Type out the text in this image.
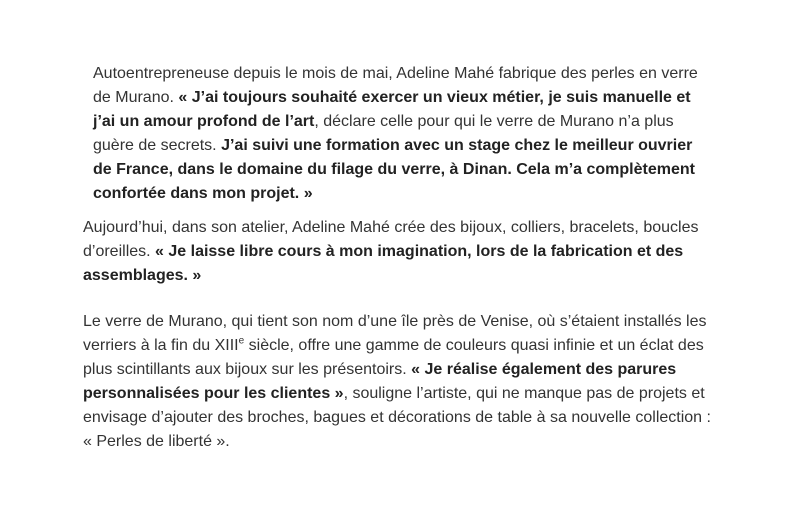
Autoentrepreneuse depuis le mois de mai, Adeline Mahé fabrique des perles en verre de Murano. « J’ai toujours souhaité exercer un vieux métier, je suis manuelle et j’ai un amour profond de l’art, déclare celle pour qui le verre de Murano n’a plus guère de secrets. J’ai suivi une formation avec un stage chez le meilleur ouvrier de France, dans le domaine du filage du verre, à Dinan. Cela m’a complètement confortée dans mon projet. »

Aujourd’hui, dans son atelier, Adeline Mahé crée des bijoux, colliers, bracelets, boucles d’oreilles. « Je laisse libre cours à mon imagination, lors de la fabrication et des assemblages. »

Le verre de Murano, qui tient son nom d’une île près de Venise, où s’étaient installés les verriers à la fin du XIIIe siècle, offre une gamme de couleurs quasi infinie et un éclat des plus scintillants aux bijoux sur les présentoirs. « Je réalise également des parures personnalisées pour les clientes », souligne l’artiste, qui ne manque pas de projets et envisage d’ajouter des broches, bagues et décorations de table à sa nouvelle collection : « Perles de liberté ».
